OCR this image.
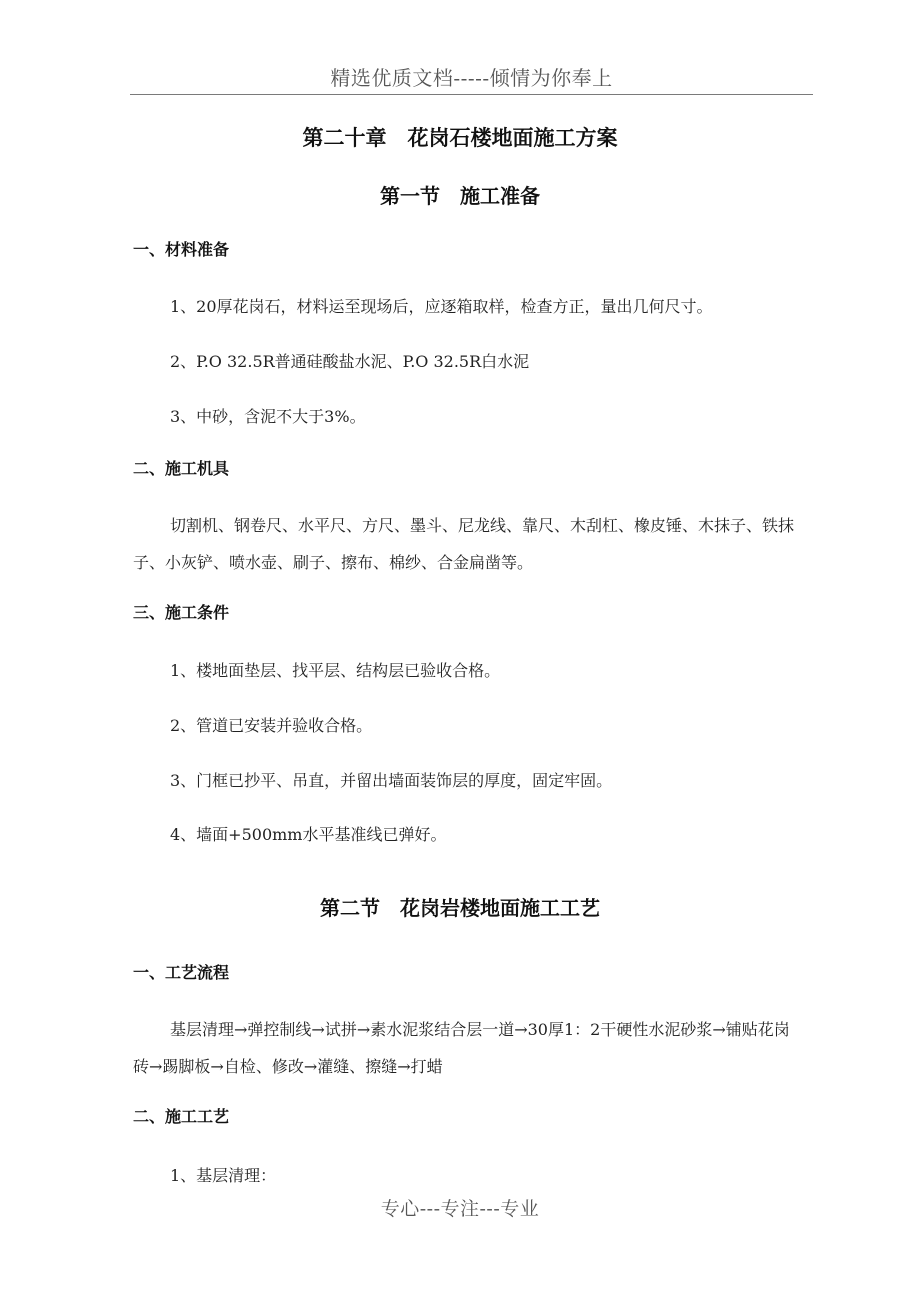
精选优质文档-----倾情为你奉上
第二十章　花岗石楼地面施工方案
第一节　施工准备
一、材料准备
1、20厚花岗石，材料运至现场后，应逐箱取样，检查方正，量出几何尺寸。
2、P.O 32.5R普通硅酸盐水泥、P.O 32.5R白水泥
3、中砂，含泥不大于3%。
二、施工机具
切割机、钢卷尺、水平尺、方尺、墨斗、尼龙线、靠尺、木刮杠、橡皮锤、木抹子、铁抹子、小灰铲、喷水壶、刷子、擦布、棉纱、合金扁凿等。
三、施工条件
1、楼地面垫层、找平层、结构层已验收合格。
2、管道已安装并验收合格。
3、门框已抄平、吊直，并留出墙面装饰层的厚度，固定牢固。
4、墙面+500mm水平基准线已弹好。
第二节　花岗岩楼地面施工工艺
一、工艺流程
基层清理→弹控制线→试拼→素水泥浆结合层一道→30厚1：2干硬性水泥砂浆→铺贴花岗砖→踢脚板→自检、修改→灌缝、擦缝→打蜡
二、施工工艺
1、基层清理：
专心---专注---专业
